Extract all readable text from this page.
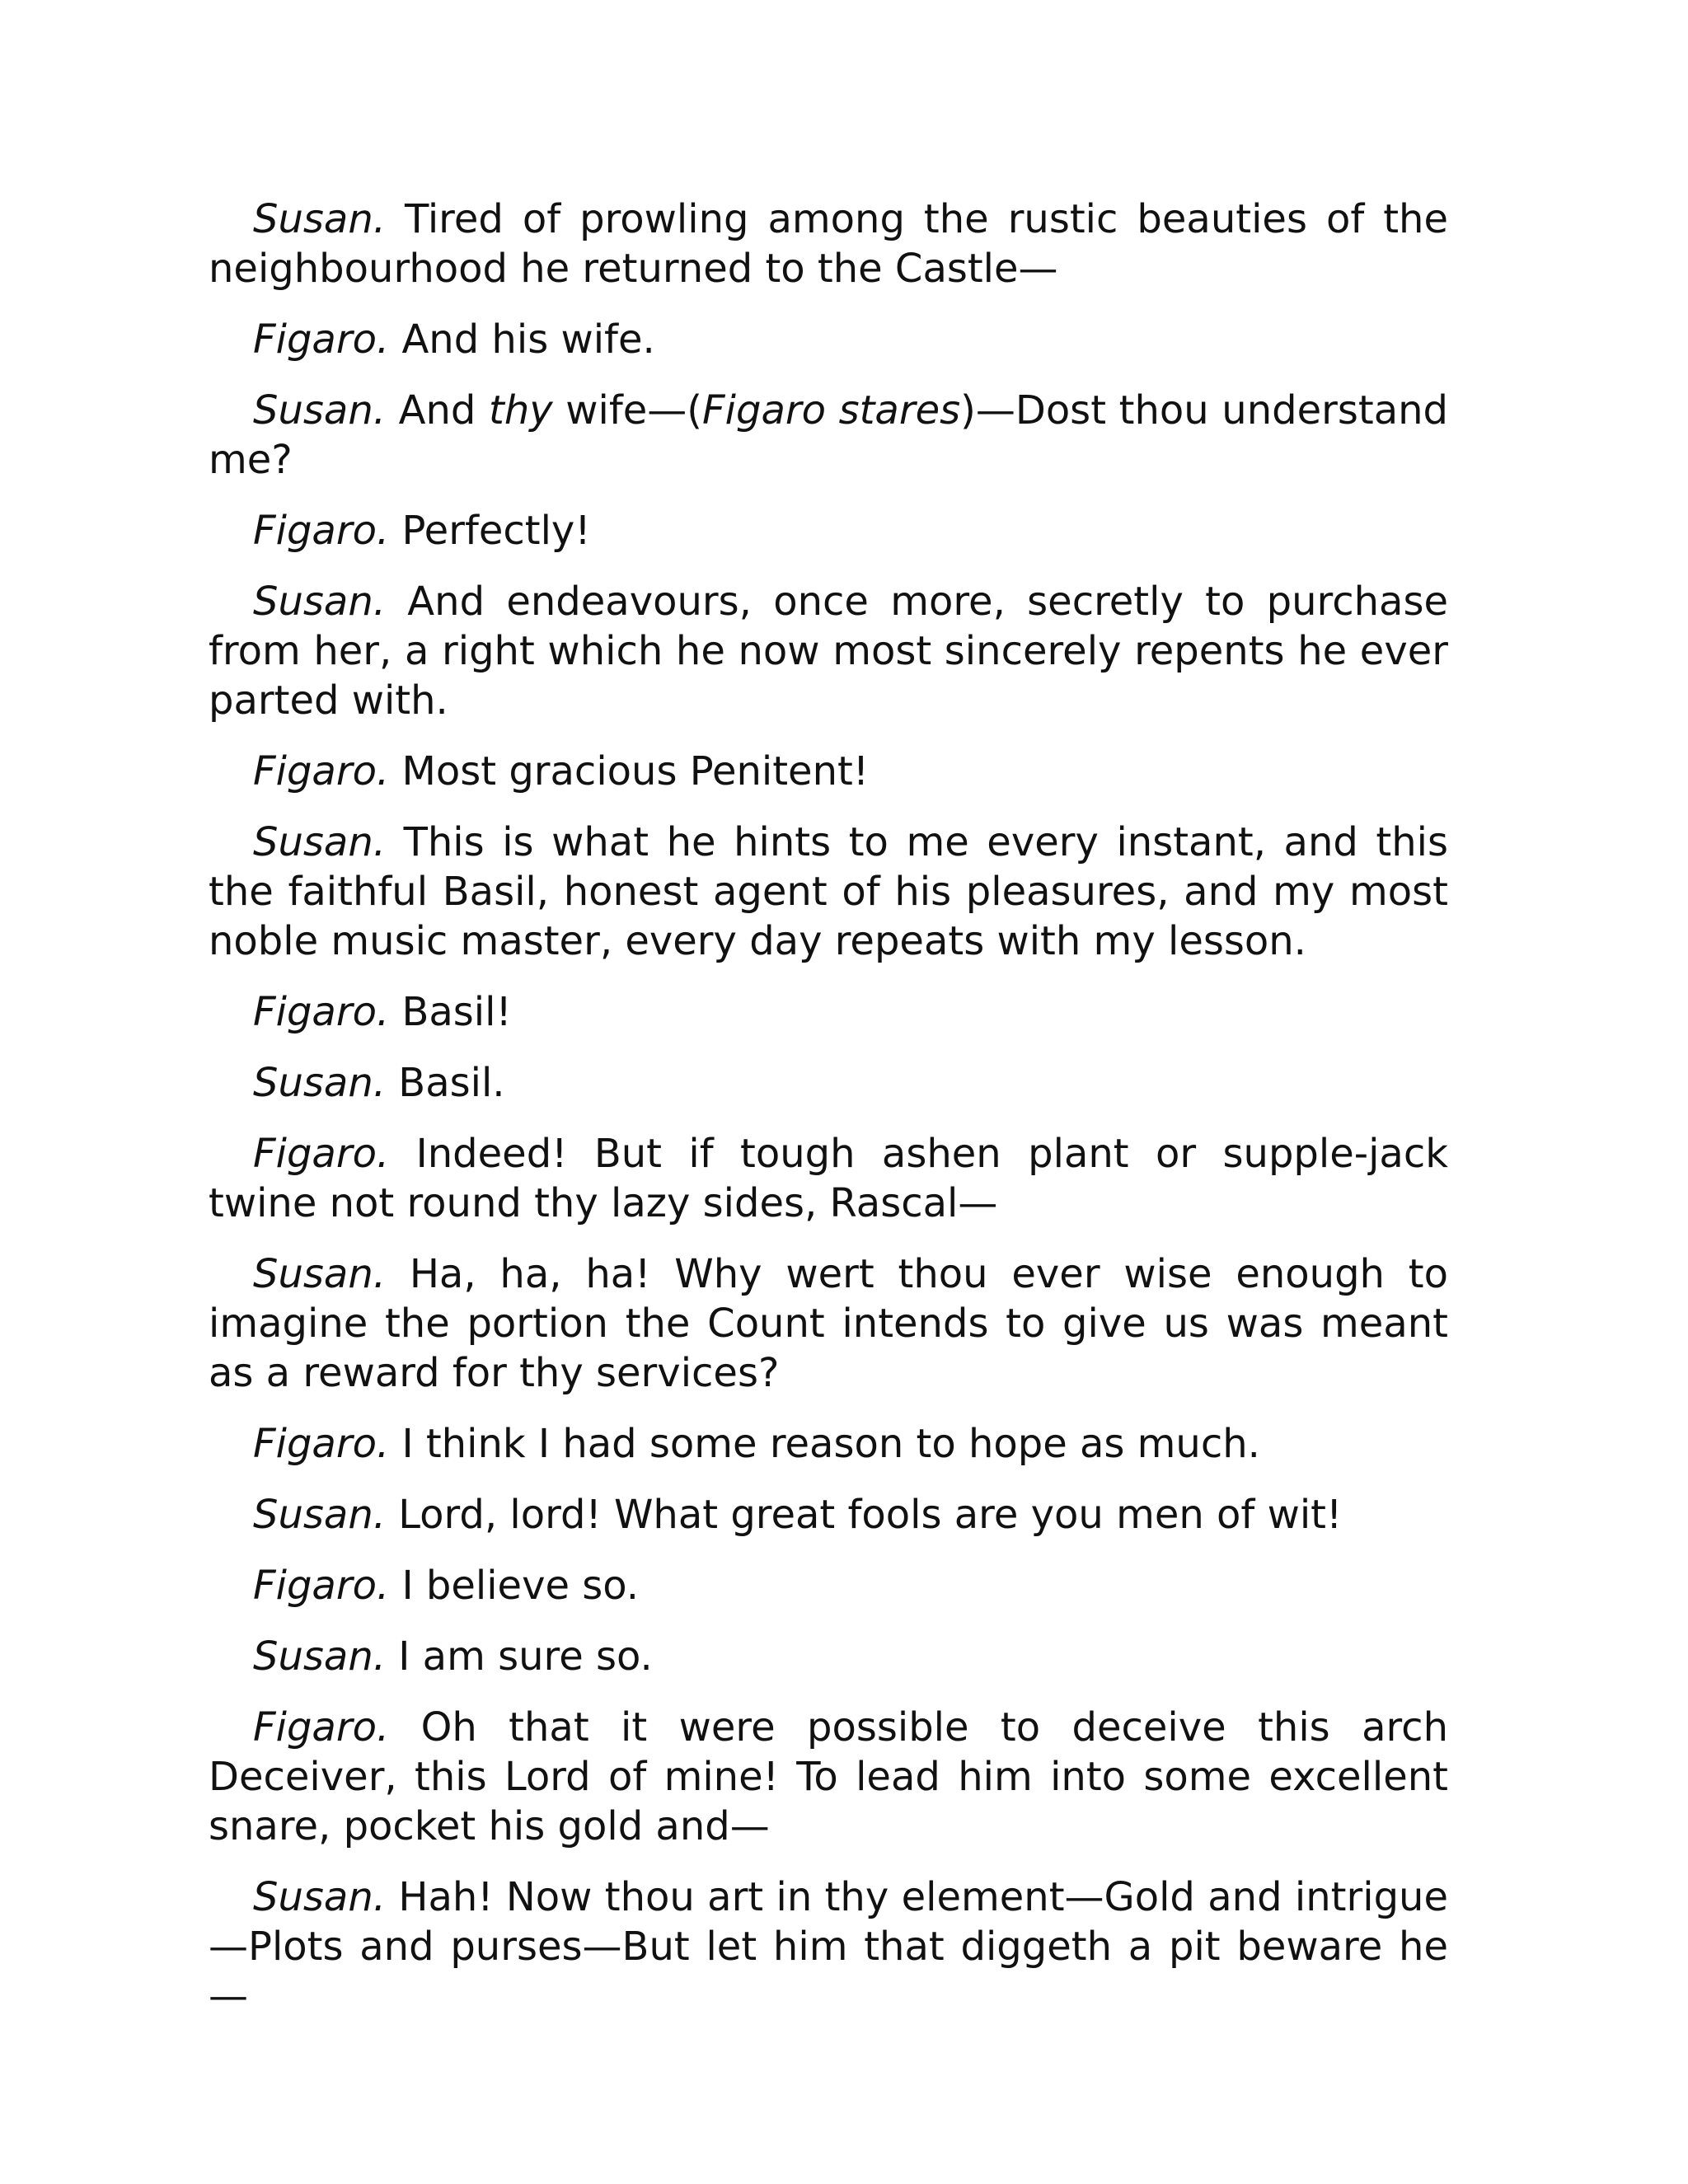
Susan. Tired of prowling among the rustic beauties of the neighbourhood he returned to the Castle—

Figaro. And his wife.

Susan. And thy wife—(Figaro stares)—Dost thou understand me?

Figaro. Perfectly!

Susan. And endeavours, once more, secretly to purchase from her, a right which he now most sincerely repents he ever parted with.

Figaro. Most gracious Penitent!

Susan. This is what he hints to me every instant, and this the faithful Basil, honest agent of his pleasures, and my most noble music master, every day repeats with my lesson.

Figaro. Basil!

Susan. Basil.

Figaro. Indeed! But if tough ashen plant or supple-jack twine not round thy lazy sides, Rascal—

Susan. Ha, ha, ha! Why wert thou ever wise enough to imagine the portion the Count intends to give us was meant as a reward for thy services?

Figaro. I think I had some reason to hope as much.

Susan. Lord, lord! What great fools are you men of wit!

Figaro. I believe so.

Susan. I am sure so.

Figaro. Oh that it were possible to deceive this arch Deceiver, this Lord of mine! To lead him into some excellent snare, pocket his gold and—

Susan. Hah! Now thou art in thy element—Gold and intrigue—Plots and purses—But let him that diggeth a pit beware he—
